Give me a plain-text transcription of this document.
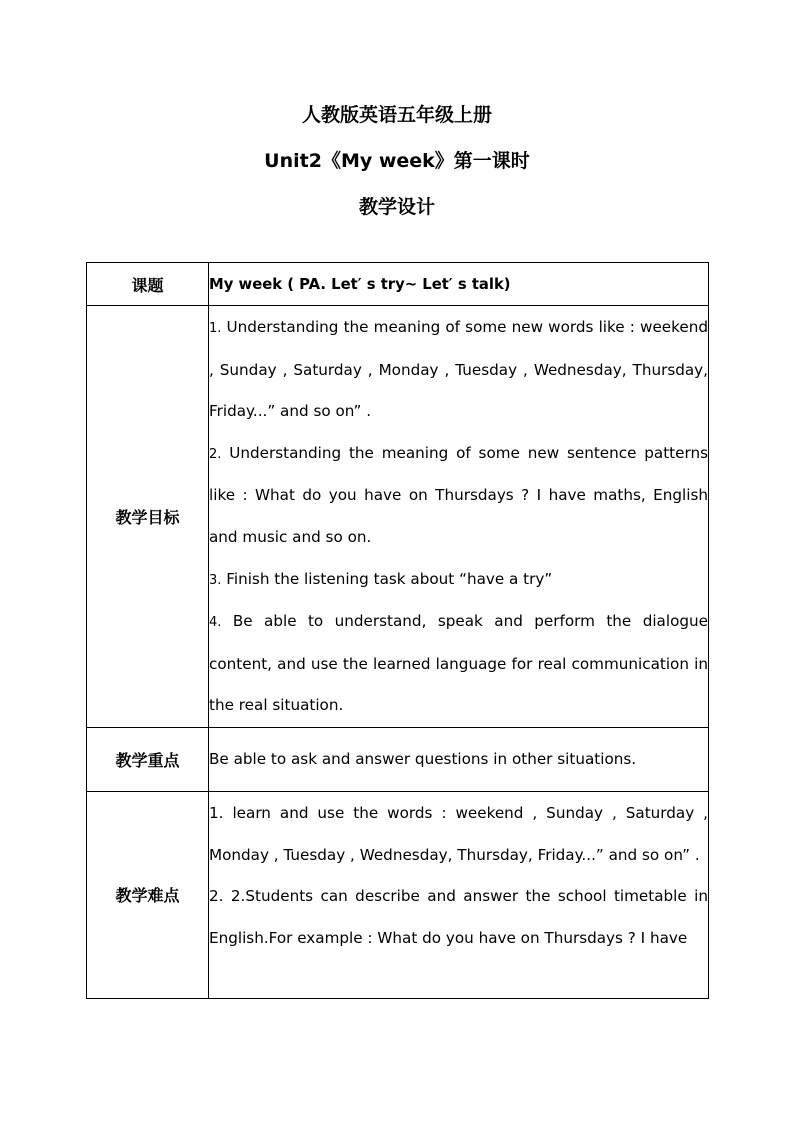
人教版英语五年级上册
Unit2《My week》第一课时
教学设计
课题	My week ( PA. Let′ s try~ Let′ s talk)
教学目标	1. Understanding the meaning of some new words like : weekend , Sunday , Saturday , Monday , Tuesday , Wednesday, Thursday, Friday...” and so on” .

2. Understanding the meaning of some new sentence patterns like : What do you have on Thursdays ? I have maths, English and music and so on.

3. Finish the listening task about “have a try”

4. Be able to understand, speak and perform the dialogue content, and use the learned language for real communication in the real situation.

教学重点	Be able to ask and answer questions in other situations.
教学难点	1. learn and use the words : weekend , Sunday , Saturday , Monday , Tuesday , Wednesday, Thursday, Friday...” and so on” .

2. 2.Students can describe and answer the school timetable in English.For example : What do you have on Thursdays ? I have
